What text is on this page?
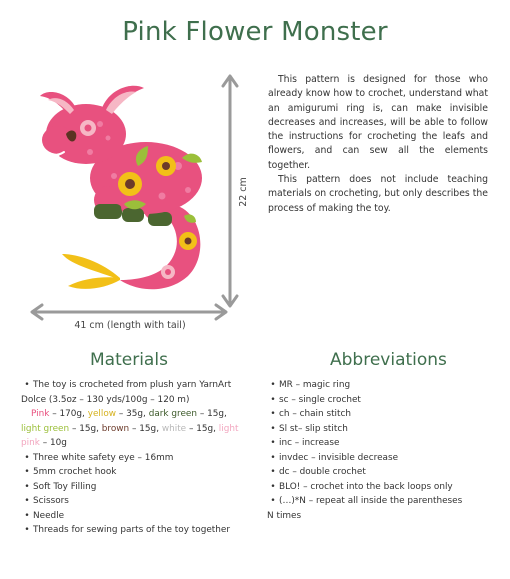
Pink Flower Monster
22 cm
41 cm (length with tail)

This pattern is designed for those who already know how to crochet, understand what an amigurumi ring is, can make invisible decreases and increases, will be able to follow the instructions for crocheting the leafs and flowers, and can sew all the elements together.

This pattern does not include teaching materials on crocheting, but only describes the process of making the toy.

Materials	Abbreviations
• The toy is crocheted from plush yarn YarnArt
Dolce (3.5oz – 130 yds/100g – 120 m)
Pink – 170g, yellow – 35g, dark green – 15g, light green – 15g, brown – 15g, white – 15g, light pink – 10g
• Three white safety eye – 16mm
• 5mm crochet hook
• Soft Toy Filling
• Scissors
• Needle
• Threads for sewing parts of the toy together
• MR – magic ring
• sc – single crochet
• ch – chain stitch
• Sl st– slip stitch
• inc – increase
• invdec – invisible decrease
• dc – double crochet
• BLO! – crochet into the back loops only
• (…)*N – repeat all inside the parentheses
N times
